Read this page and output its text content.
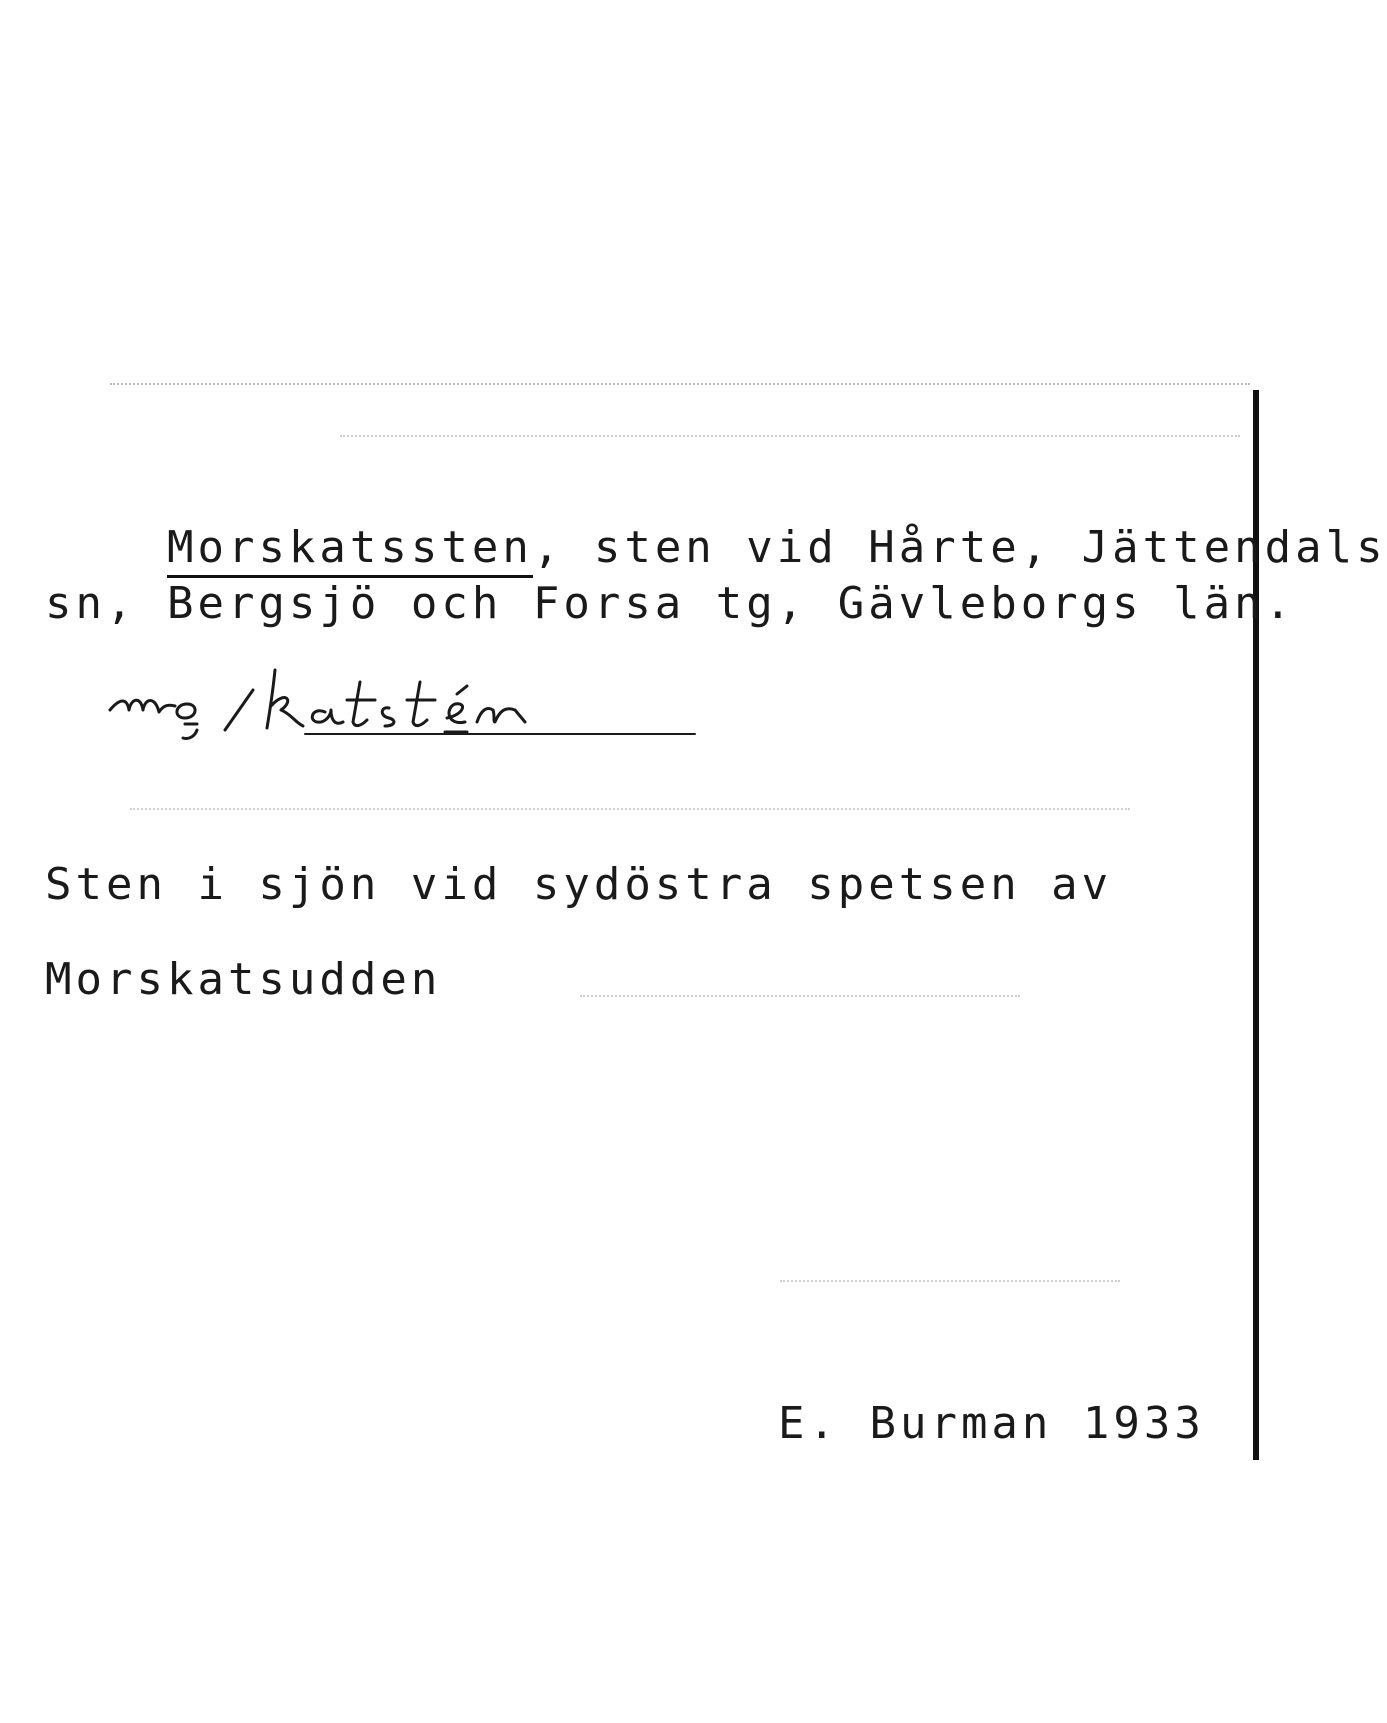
Morskatssten, sten vid Hårte, Jättendals

sn, Bergsjö och Forsa tg, Gävleborgs län.
Sten i sjön vid sydöstra spetsen av
Morskatsudden
E. Burman 1933
